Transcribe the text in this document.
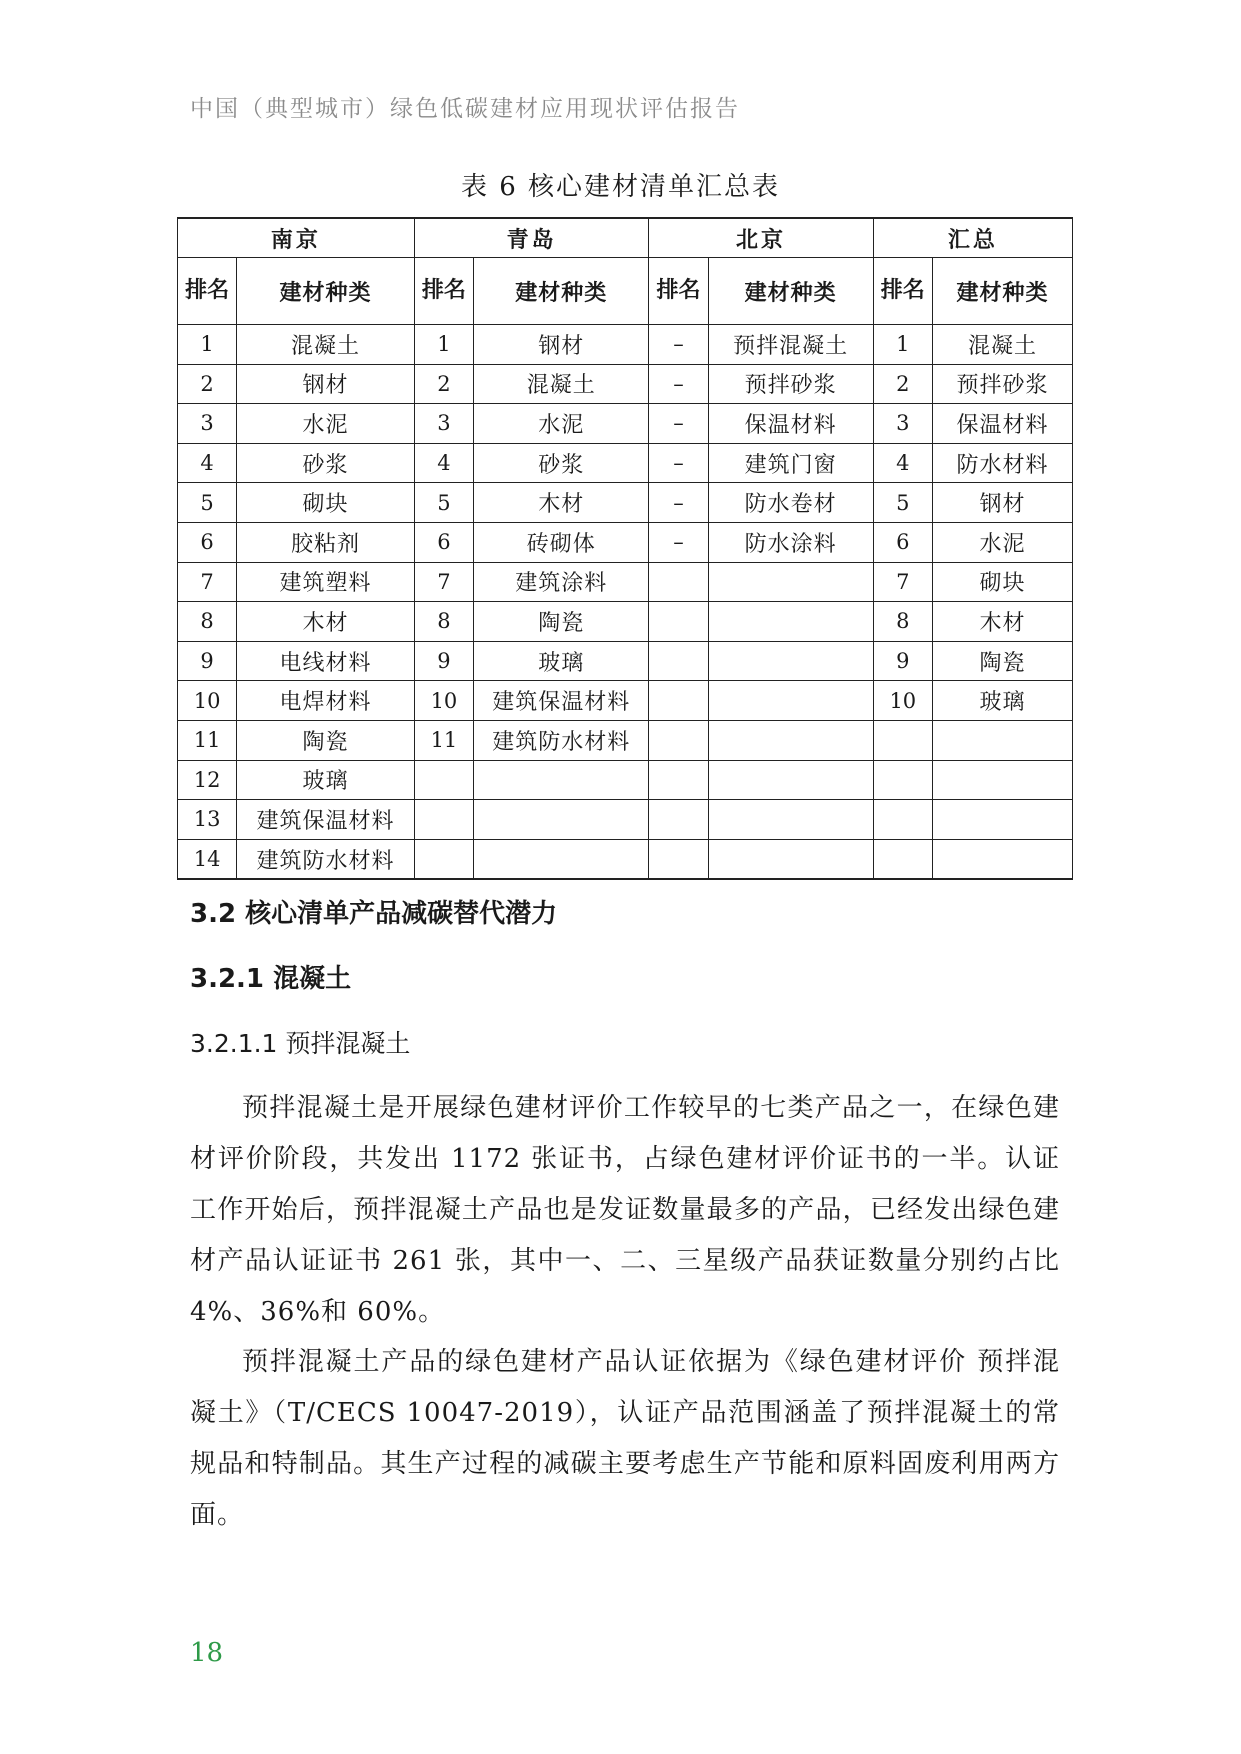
中国（典型城市）绿色低碳建材应用现状评估报告
表 6 核心建材清单汇总表
南京		青岛		北京		汇总	
排名	建材种类	排名	建材种类	排名	建材种类	排名	建材种类
1	混凝土	1	钢材	–	预拌混凝土	1	混凝土
2	钢材	2	混凝土	–	预拌砂浆	2	预拌砂浆
3	水泥	3	水泥	–	保温材料	3	保温材料
4	砂浆	4	砂浆	–	建筑门窗	4	防水材料
5	砌块	5	木材	–	防水卷材	5	钢材
6	胶粘剂	6	砖砌体	–	防水涂料	6	水泥
7	建筑塑料	7	建筑涂料			7	砌块
8	木材	8	陶瓷			8	木材
9	电线材料	9	玻璃			9	陶瓷
10	电焊材料	10	建筑保温材料			10	玻璃
11	陶瓷	11	建筑防水材料				
12	玻璃						
13	建筑保温材料						
14	建筑防水材料						
3.2 核心清单产品减碳替代潜力
3.2.1 混凝土
3.2.1.1 预拌混凝土

预拌混凝土是开展绿色建材评价工作较早的七类产品之一，在绿色建材评价阶段，共发出 1172 张证书，占绿色建材评价证书的一半。认证工作开始后，预拌混凝土产品也是发证数量最多的产品，已经发出绿色建材产品认证证书 261 张，其中一、二、三星级产品获证数量分别约占比 4%、36%和 60%。

预拌混凝土产品的绿色建材产品认证依据为《绿色建材评价 预拌混凝土》（T/CECS 10047-2019），认证产品范围涵盖了预拌混凝土的常规品和特制品。其生产过程的减碳主要考虑生产节能和原料固废利用两方面。

18
